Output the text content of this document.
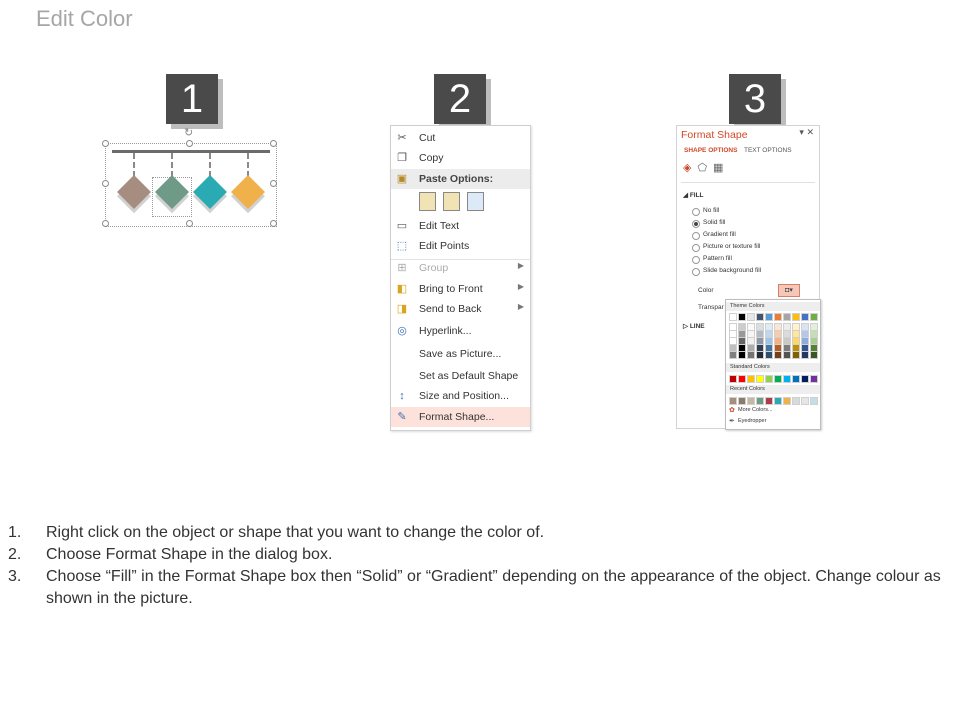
Edit Color
1	2	3
↻	✂ Cut
❐ Copy
▣ Paste Options:
▭ Edit Text
⬚ Edit Points
⊞ Group	▶
◧ Bring to Front	▶
◨ Send to Back	▶
◎ Hyperlink...
Save as Picture...
Set as Default Shape
↕	Size and Position...
✎ Format Shape...
Format Shape	▾ ✕
SHAPE OPTIONS TEXT OPTIONS
◈⬠▦
◢ FILL
No fill
Solid fill
Gradient fill
Picture or texture fill
Pattern fill
Slide background fill
Color	◘▾
Transpar
▷ LINE
Theme Colors
Standard Colors
Recent Colors
✿ More Colors...
✒ Eyedropper
1. Right click on the object or shape that you want to change the color of.
2. Choose Format Shape in the dialog box.
3. Choose “Fill” in the Format Shape box then “Solid” or “Gradient” depending on the appearance of the object. Change colour as shown in the picture.
